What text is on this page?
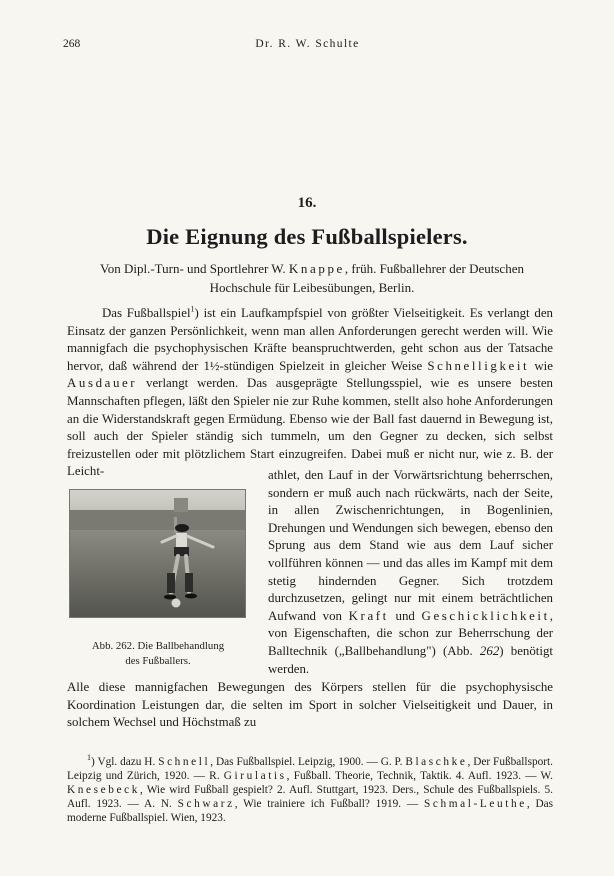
268	Dr. R. W. Schulte
16.
Die Eignung des Fußballspielers.
Von Dipl.-Turn- und Sportlehrer W. Knappe, früh. Fußballehrer der Deutschen Hochschule für Leibesübungen, Berlin.
Das Fußballspiel$^1$) ist ein Laufkampfspiel von größter Vielseitigkeit. Es verlangt den Einsatz der ganzen Persönlichkeit, wenn man allen Anforderungen gerecht werden will. Wie mannigfach die psychophysischen Kräfte beanspruchtwerden, geht schon aus der Tatsache hervor, daß während der 1½-stündigen Spielzeit in gleicher Weise Schnelligkeit wie Ausdauer verlangt werden. Das ausgeprägte Stellungsspiel, wie es unsere besten Mannschaften pflegen, läßt den Spieler nie zur Ruhe kommen, stellt also hohe Anforderungen an die Widerstandskraft gegen Ermüdung. Ebenso wie der Ball fast dauernd in Bewegung ist, soll auch der Spieler ständig sich tummeln, um den Gegner zu decken, sich selbst freizustellen oder mit plötzlichem Start einzugreifen. Dabei muß er nicht nur, wie z. B. der Leicht-	athlet, den Lauf in der Vorwärtsrichtung beherrschen, sondern er muß auch nach rückwärts, nach der Seite, in allen Zwischenrichtungen, in Bogenlinien, Drehungen und Wendungen sich bewegen, ebenso den Sprung aus dem Stand wie aus dem Lauf sicher vollführen können — und das alles im Kampf mit dem stetig hindernden Gegner. Sich trotzdem durchzusetzen, gelingt nur mit einem beträchtlichen Aufwand von Kraft und Geschicklichkeit, von Eigenschaften, die schon zur Beherrschung der Balltechnik („Ballbehandlung") (Abb. 262) benötigt werden.
Abb. 262. Die Ballbehandlung
des Fußballers.
Alle diese mannigfachen Bewegungen des Körpers stellen für die psychophysische Koordination Leistungen dar, die selten im Sport in solcher Vielseitigkeit und Dauer, in solchem Wechsel und Höchstmaß zu
$^1$) Vgl. dazu H. Schnell, Das Fußballspiel. Leipzig, 1900. — G. P. Blaschke, Der Fußballsport. Leipzig und Zürich, 1920. — R. Girulatis, Fußball. Theorie, Technik, Taktik. 4. Aufl. 1923. — W. Knesebeck, Wie wird Fußball gespielt? 2. Aufl. Stuttgart, 1923. Ders., Schule des Fußballspiels. 5. Aufl. 1923. — A. N. Schwarz, Wie trainiere ich Fußball? 1919. — Schmal-Leuthe, Das moderne Fußballspiel. Wien, 1923.
